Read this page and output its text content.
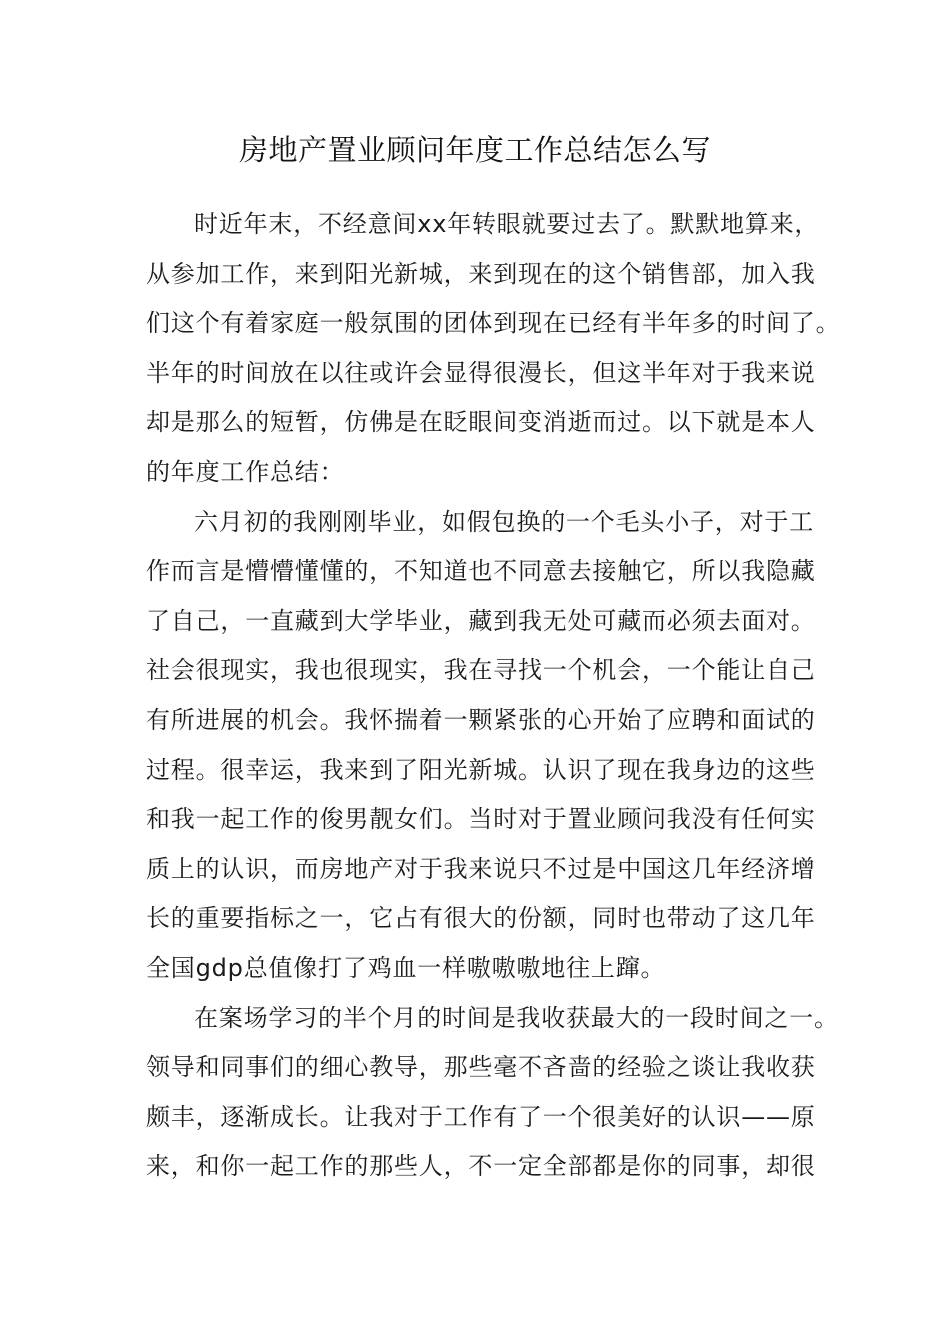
房地产置业顾问年度工作总结怎么写
时近年末，不经意间xx年转眼就要过去了。默默地算来，
从参加工作，来到阳光新城，来到现在的这个销售部，加入我
们这个有着家庭一般氛围的团体到现在已经有半年多的时间了。
半年的时间放在以往或许会显得很漫长，但这半年对于我来说
却是那么的短暂，仿佛是在眨眼间变消逝而过。以下就是本人
的年度工作总结：
六月初的我刚刚毕业，如假包换的一个毛头小子，对于工
作而言是懵懵懂懂的，不知道也不同意去接触它，所以我隐藏
了自己，一直藏到大学毕业，藏到我无处可藏而必须去面对。
社会很现实，我也很现实，我在寻找一个机会，一个能让自己
有所进展的机会。我怀揣着一颗紧张的心开始了应聘和面试的
过程。很幸运，我来到了阳光新城。认识了现在我身边的这些
和我一起工作的俊男靓女们。当时对于置业顾问我没有任何实
质上的认识，而房地产对于我来说只不过是中国这几年经济增
长的重要指标之一，它占有很大的份额，同时也带动了这几年
全国gdp总值像打了鸡血一样嗷嗷嗷地往上蹿。
在案场学习的半个月的时间是我收获最大的一段时间之一。
领导和同事们的细心教导，那些毫不吝啬的经验之谈让我收获
颇丰，逐渐成长。让我对于工作有了一个很美好的认识——原
来，和你一起工作的那些人，不一定全部都是你的同事，却很
